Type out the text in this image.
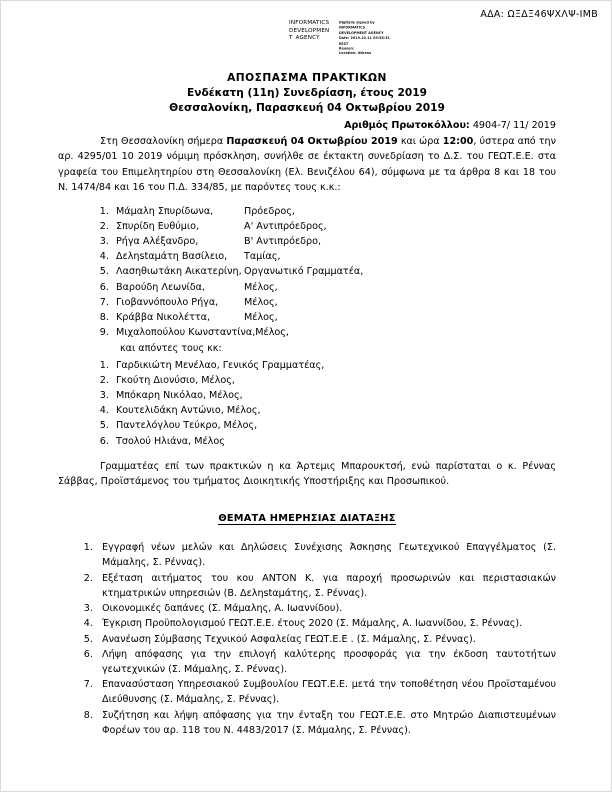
ΑΔΑ: ΩΞΔΞ46ΨΧΛΨ-ΙΜΒ
INFORMATICS
DEVELOPMEN
T AGENCY
Digitally signed by
INFORMATICS
DEVELOPMENT AGENCY
Date: 2019.10.11 09:55:31
EEST
Reason:
Location: Athens
ΑΠΟΣΠΑΣΜΑ ΠΡΑΚΤΙΚΩΝ
Ενδέκατη (11η) Συνεδρίαση, έτους 2019
Θεσσαλονίκη, Παρασκευή 04 Οκτωβρίου 2019
Αριθμός Πρωτοκόλλου: 4904-7/ 11/ 2019

Στη Θεσσαλονίκη σήμερα Παρασκευή 04 Οκτωβρίου 2019 και ώρα 12:00, ύστερα από την αρ. 4295/01 10 2019 νόμιμη πρόσκληση, συνήλθε σε έκτακτη συνεδρίαση το Δ.Σ. του ΓΕΩΤ.Ε.Ε. στα γραφεία του Επιμελητηρίου στη Θεσσαλονίκη (Ελ. Βενιζέλου 64), σύμφωνα με τα άρθρα 8 και 18 του Ν. 1474/84 και 16 του Π.Δ. 334/85, με παρόντες τους κ.κ.:

1. Μάμαλη Σπυρίδωνα,	Πρόεδρος,
2. Σπυρίδη Ευθύμιο,	Α' Αντιπρόεδρος,
3. Ρήγα Αλέξανδρο,	Β' Αντιπρόεδρο,
4. Δεληstαμάτη Βασίλειο, Ταμίας,
5. Λασηθιωτάκη Αικατερίνη, Οργανωτικό Γραμματέα,
6. Βαρούδη Λεωνίδα,	Μέλος,
7. Γιοβαννόπουλο Ρήγα,	Μέλος,
8. Κράββα Νικολέττα,	Μέλος,
9. Μιχαλοπούλου Κωνσταντίνα,Μέλος,
και απόντες τους κκ:
1. Γαρδικιώτη Μενέλαο, Γενικός Γραμματέας,
2. Γκούτη Διονύσιο, Μέλος,
3. Μπόκαρη Νικόλαο, Μέλος,
4. Κουτελιδάκη Αντώνιο, Μέλος,
5. Παντελόγλου Τεύκρο, Μέλος,
6. Τσολού Ηλιάνα, Μέλος

Γραμματέας επί των πρακτικών η κα Άρτεμις Μπαρουκτσή, ενώ παρίσταται ο κ. Ρέννας Σάββας, Προϊστάμενος του τμήματος Διοικητικής Υποστήριξης και Προσωπικού.

ΘΕΜΑΤΑ ΗΜΕΡΗΣΙΑΣ ΔΙΑΤΑΞΗΣ
1. Εγγραφή νέων μελών και Δηλώσεις Συνέχισης Άσκησης Γεωτεχνικού Επαγγέλματος (Σ. Μάμαλης, Σ. Ρέννας).
2. Εξέταση αιτήματος του κου ANTON K. για παροχή προσωρινών και περιστασιακών κτηματρικών υπηρεσιών (Β. Δεληstαμάτης, Σ. Ρέννας).
3. Οικονομικές δαπάνες (Σ. Μάμαλης, Α. Ιωαννίδου).
4. Έγκριση Προϋπολογισμού ΓΕΩΤ.Ε.Ε. έτους 2020 (Σ. Μάμαλης, Α. Ιωαννίδου, Σ. Ρέννας).
5. Ανανέωση Σύμβασης Τεχνικού Ασφαλείας ΓΕΩΤ.Ε.Ε . (Σ. Μάμαλης, Σ. Ρέννας).
6. Λήψη απόφασης για την επιλογή καλύτερης προσφοράς για την έκδοση ταυτοτήτων γεωτεχνικών (Σ. Μάμαλης, Σ. Ρέννας).
7. Επανασύσταση Υπηρεσιακού Συμβουλίου ΓΕΩΤ.Ε.Ε. μετά την τοποθέτηση νέου Προϊσταμένου Διεύθυνσης (Σ. Μάμαλης, Σ. Ρέννας).
8. Συζήτηση και λήψη απόφασης για την ένταξη του ΓΕΩΤ.Ε.Ε. στο Μητρώο Διαπιστευμένων Φορέων του αρ. 118 του Ν. 4483/2017 (Σ. Μάμαλης, Σ. Ρέννας).
